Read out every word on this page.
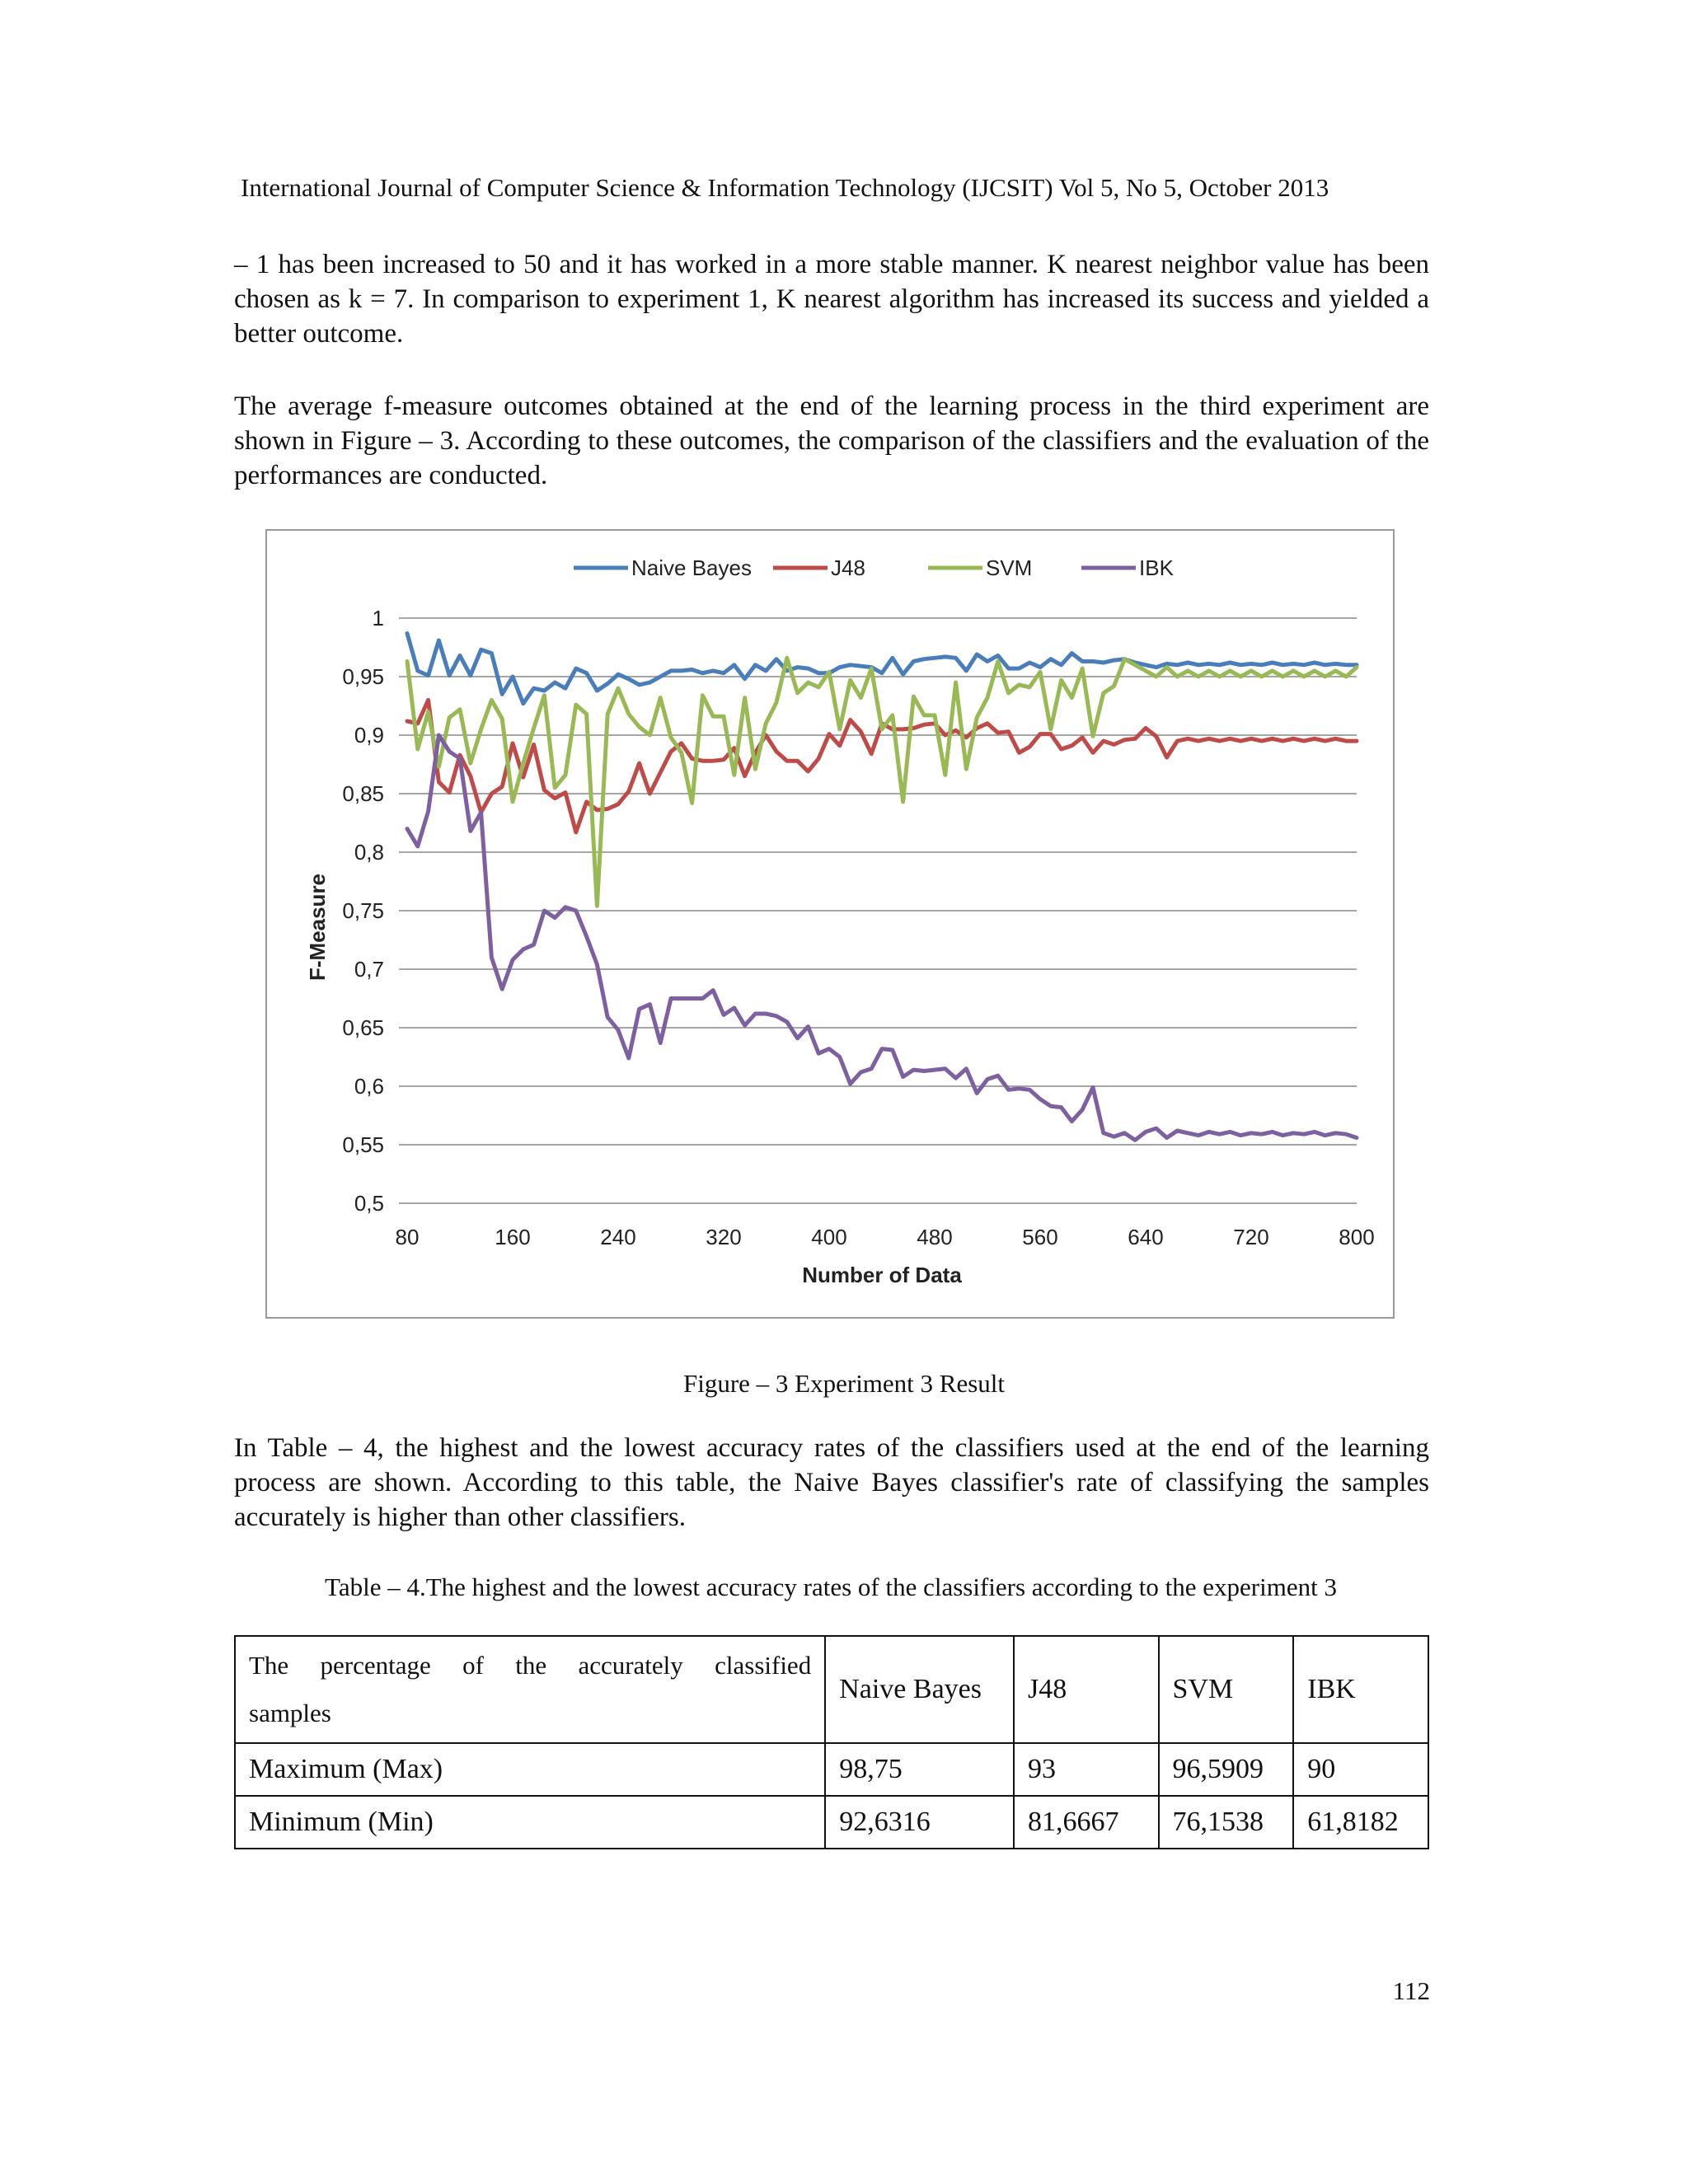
International Journal of Computer Science & Information Technology (IJCSIT) Vol 5, No 5, October 2013

– 1 has been increased to 50 and it has worked in a more stable manner. K nearest neighbor value has been chosen as k = 7. In comparison to experiment 1, K nearest algorithm has increased its success and yielded a better outcome.

The average f-measure outcomes obtained at the end of the learning process in the third experiment are shown in Figure – 3. According to these outcomes, the comparison of the classifiers and the evaluation of the performances are conducted.

0,5
0,55
0,6
0,65
0,7
0,75
0,8
0,85
0,9
0,95
1
80	160	240	320	400	480	560	640	720	800
Number of Data
F-Measure
Naive Bayes	J48	SVM	IBK
Figure – 3 Experiment 3 Result

In Table – 4, the highest and the lowest accuracy rates of the classifiers used at the end of the learning process are shown. According to this table, the Naive Bayes classifier's rate of classifying the samples accurately is higher than other classifiers.

Table – 4.The highest and the lowest accuracy rates of the classifiers according to the experiment 3
The percentage of the accurately classified
samples	Naive Bayes	J48	SVM	IBK
Maximum (Max)	98,75	93	96,5909	90
Minimum (Min)	92,6316	81,6667	76,1538	61,8182
112
